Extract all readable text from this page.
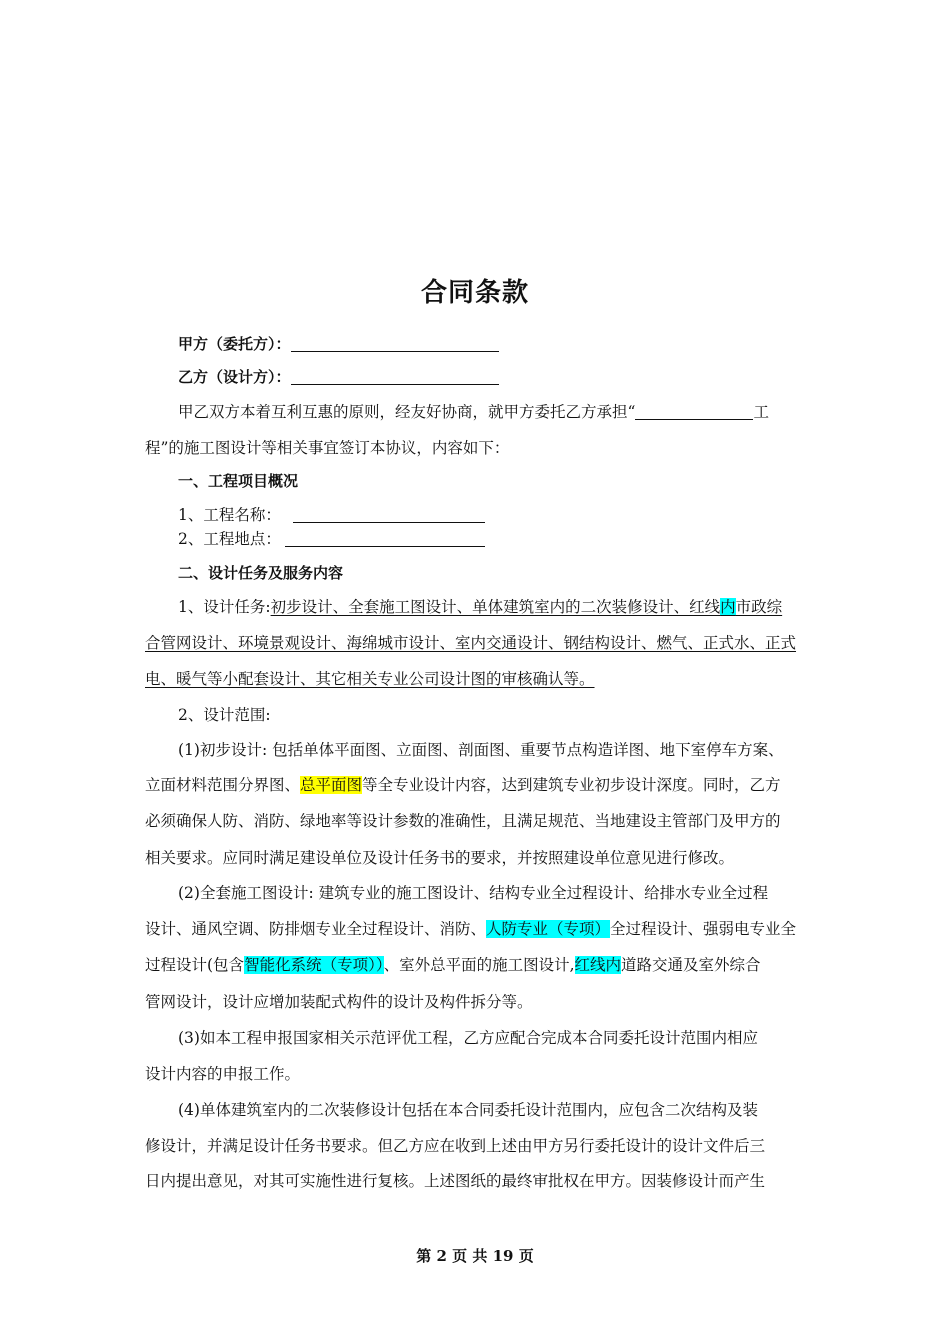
合同条款
甲方（委托方）：
乙方（设计方）：
甲乙双方本着互利互惠的原则，经友好协商，就甲方委托乙方承担“	工
程”的施工图设计等相关事宜签订本协议，内容如下：
一、工程项目概况
1、工程名称：
2、工程地点：
二、设计任务及服务内容
1、设计任务:初步设计、全套施工图设计、单体建筑室内的二次装修设计、红线内市政综
合管网设计、环境景观设计、海绵城市设计、室内交通设计、钢结构设计、燃气、正式水、正式
电、暖气等小配套设计、其它相关专业公司设计图的审核确认等。
2、设计范围:
(1)初步设计: 包括单体平面图、立面图、剖面图、重要节点构造详图、地下室停车方案、
立面材料范围分界图、总平面图等全专业设计内容，达到建筑专业初步设计深度。同时，乙方
必须确保人防、消防、绿地率等设计参数的准确性，且满足规范、当地建设主管部门及甲方的
相关要求。应同时满足建设单位及设计任务书的要求，并按照建设单位意见进行修改。
(2)全套施工图设计: 建筑专业的施工图设计、结构专业全过程设计、给排水专业全过程
设计、通风空调、防排烟专业全过程设计、消防、人防专业（专项）全过程设计、强弱电专业全
过程设计(包含智能化系统（专项））、室外总平面的施工图设计,红线内道路交通及室外综合
管网设计，设计应增加装配式构件的设计及构件拆分等。
(3)如本工程申报国家相关示范评优工程，乙方应配合完成本合同委托设计范围内相应
设计内容的申报工作。
(4)单体建筑室内的二次装修设计包括在本合同委托设计范围内，应包含二次结构及装
修设计，并满足设计任务书要求。但乙方应在收到上述由甲方另行委托设计的设计文件后三
日内提出意见，对其可实施性进行复核。上述图纸的最终审批权在甲方。因装修设计而产生
第 2 页 共 19 页
